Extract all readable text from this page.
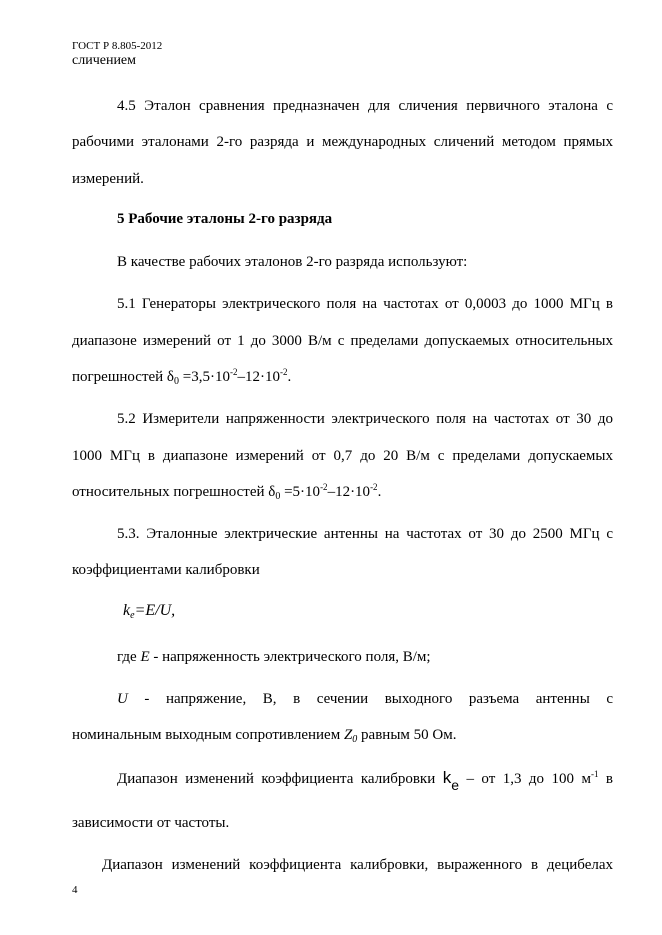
ГОСТ Р 8.805-2012
сличением
4.5 Эталон сравнения предназначен для сличения первичного эталона с
рабочими эталонами 2-го разряда и международных сличений методом прямых
измерений.
5 Рабочие эталоны 2-го разряда
В качестве рабочих эталонов 2-го разряда используют:
5.1 Генераторы электрического поля на частотах от 0,0003 до 1000 МГц в
диапазоне измерений от 1 до 3000 В/м с пределами допускаемых относительных
погрешностей $\delta_0 =3,5\cdot 10^{-2}-12\cdot 10^{-2}$.
5.2 Измерители напряженности электрического поля на частотах от 30 до
1000 МГц в диапазоне измерений от 0,7 до 20 В/м с пределами допускаемых
относительных погрешностей $\delta_0 =5\cdot 10^{-2}-12\cdot 10^{-2}$.
5.3. Эталонные электрические антенны на частотах от 30 до 2500 МГц с
коэффициентами калибровки
$k_e=E/U$,
где E - напряженность электрического поля, В/м;
U - напряжение, В, в сечении выходного разъема антенны с
номинальным выходным сопротивлением $Z_0$ равным 50 Ом.
Диапазон изменений коэффициента калибровки $k_e$ – от 1,3 до 100 $м^{-1}$ в
зависимости от частоты.
Диапазон изменений коэффициента калибровки, выраженного в децибелах
4
